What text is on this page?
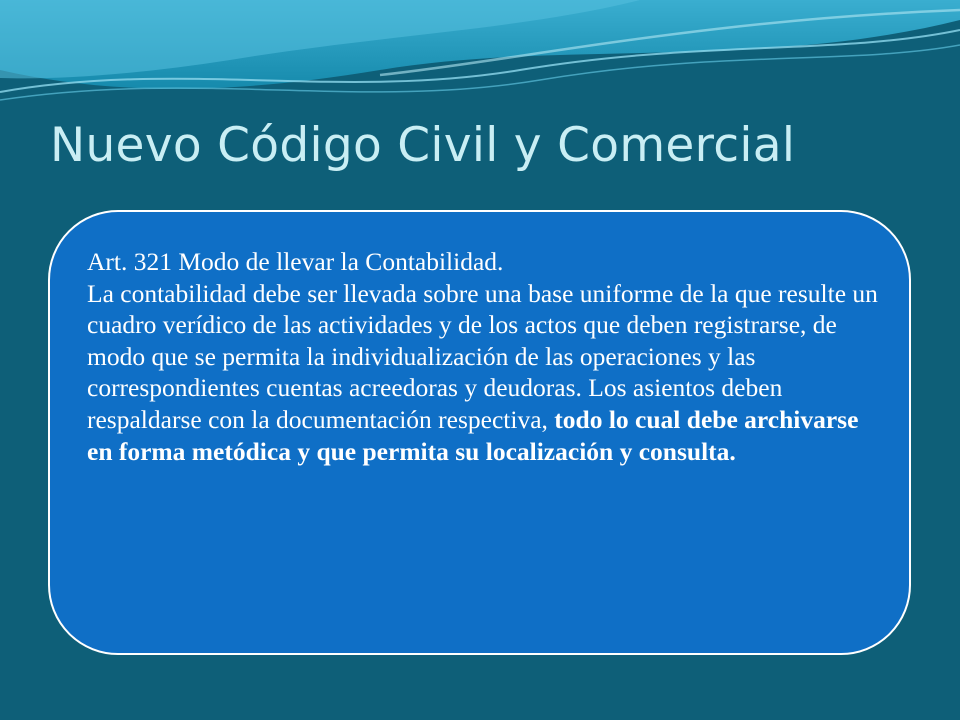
Nuevo Código Civil y Comercial

Art. 321 Modo de llevar la Contabilidad.
La contabilidad debe ser llevada sobre una base uniforme de la que resulte un cuadro verídico de las actividades y de los actos que deben registrarse, de modo que se permita la individualización de las operaciones y las correspondientes cuentas acreedoras y deudoras. Los asientos deben respaldarse con la documentación respectiva, todo lo cual debe archivarse en forma metódica y que permita su localización y consulta.
